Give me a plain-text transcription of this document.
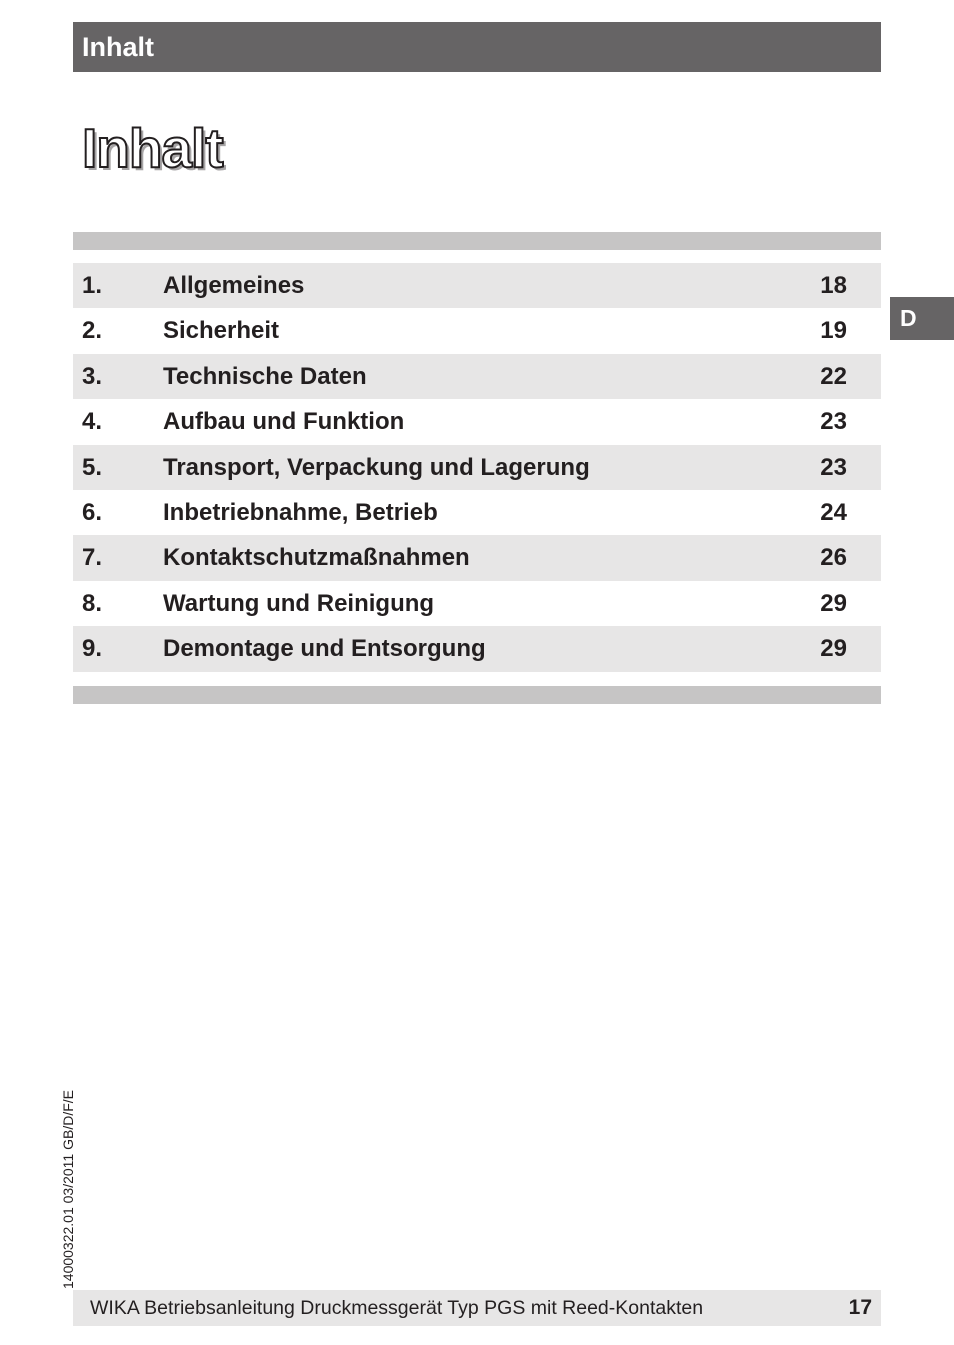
Inhalt
Inhalt
1.	Allgemeines	18
2.	Sicherheit	19
3.	Technische Daten	22
4.	Aufbau und Funktion	23
5.	Transport, Verpackung und Lagerung	23
6.	Inbetriebnahme, Betrieb	24
7.	Kontaktschutzmaßnahmen	26
8.	Wartung und Reinigung	29
9.	Demontage und Entsorgung	29
D
14000322.01 03/2011 GB/D/F/E
WIKA Betriebsanleitung Druckmessgerät Typ PGS mit Reed-Kontakten	17
